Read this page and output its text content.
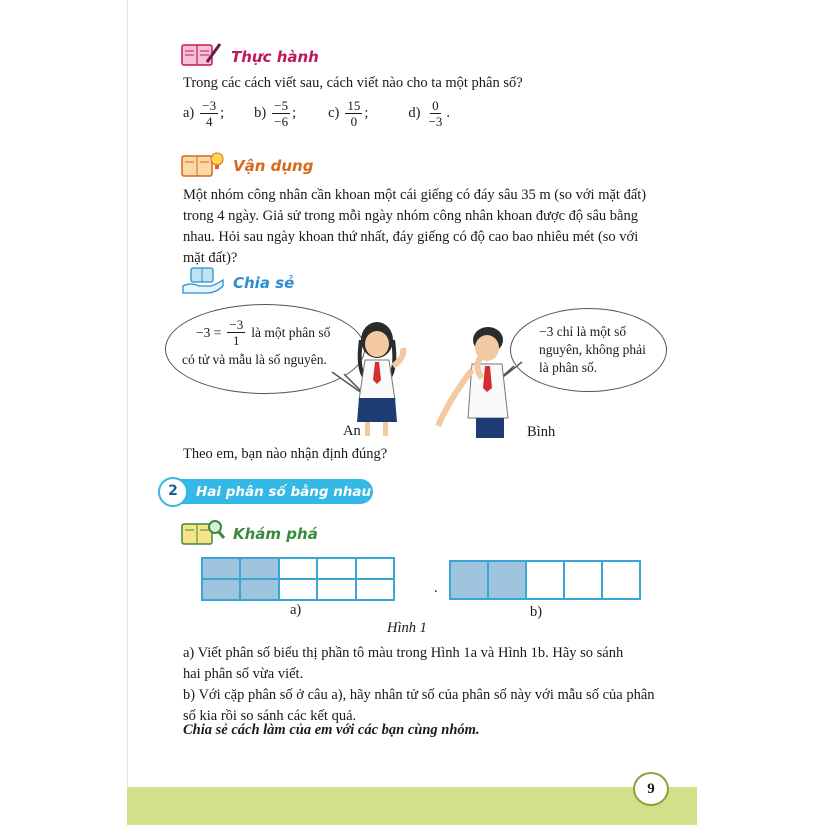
Thực hành
Trong các cách viết sau, cách viết nào cho ta một phân số?
$a) \frac{-3}{4}$ ; $b) \frac{-5}{-6}$ ; $c) \frac{15}{0}$ ;	$d) \frac{0}{-3}$ .
Vận dụng
Một nhóm công nhân cần khoan một cái giếng có đáy sâu 35 m (so với mặt đất)
trong 4 ngày. Giả sử trong mỗi ngày nhóm công nhân khoan được độ sâu bằng
nhau. Hỏi sau ngày khoan thứ nhất, đáy giếng có độ cao bao nhiêu mét (so với
mặt đất)?
Chia sẻ
$-3 = \frac{-3}{1}$ là một phân số
có tử và mẫu là số nguyên.
−3 chỉ là một số
nguyên, không phải
là phân số.
An	Bình
Theo em, bạn nào nhận định đúng?
2	Hai phân số bằng nhau
Khám phá
a)
.
b)
Hình 1
a) Viết phân số biểu thị phần tô màu trong Hình 1a và Hình 1b. Hãy so sánh
hai phân số vừa viết.
b) Với cặp phân số ở câu a), hãy nhân tử số của phân số này với mẫu số của phân
số kia rồi so sánh các kết quả.
Chia sẻ cách làm của em với các bạn cùng nhóm.
9
